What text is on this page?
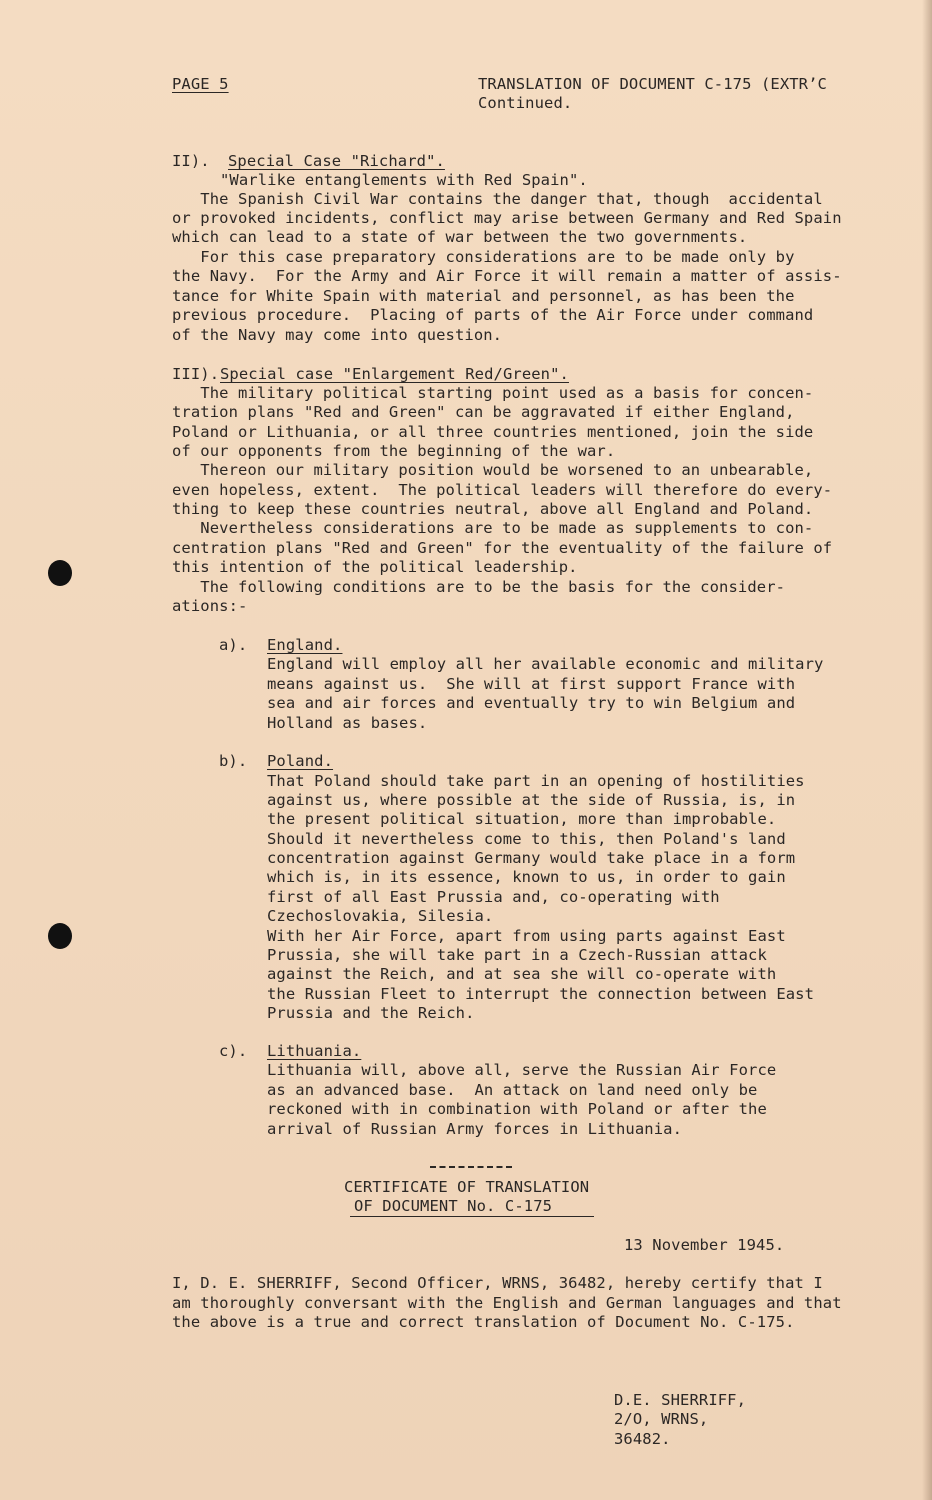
PAGE 5	TRANSLATION OF DOCUMENT C-175 (EXTR’C
Continued.
II). Special Case "Richard".
"Warlike entanglements with Red Spain".
The Spanish Civil War contains the danger that, though  accidental
or provoked incidents, conflict may arise between Germany and Red Spain
which can lead to a state of war between the two governments.
For this case preparatory considerations are to be made only by
the Navy.  For the Army and Air Force it will remain a matter of assis-
tance for White Spain with material and personnel, as has been the
previous procedure.  Placing of parts of the Air Force under command
of the Navy may come into question.
III). Special case "Enlargement Red/Green".
The military political starting point used as a basis for concen-
tration plans "Red and Green" can be aggravated if either England,
Poland or Lithuania, or all three countries mentioned, join the side
of our opponents from the beginning of the war.
Thereon our military position would be worsened to an unbearable,
even hopeless, extent.  The political leaders will therefore do every-
thing to keep these countries neutral, above all England and Poland.
Nevertheless considerations are to be made as supplements to con-
centration plans "Red and Green" for the eventuality of the failure of
this intention of the political leadership.
The following conditions are to be the basis for the consider-
ations:-
a). England.
England will employ all her available economic and military
means against us.  She will at first support France with
sea and air forces and eventually try to win Belgium and
Holland as bases.
b). Poland.
That Poland should take part in an opening of hostilities
against us, where possible at the side of Russia, is, in
the present political situation, more than improbable.
Should it nevertheless come to this, then Poland's land
concentration against Germany would take place in a form
which is, in its essence, known to us, in order to gain
first of all East Prussia and, co-operating with
Czechoslovakia, Silesia.
With her Air Force, apart from using parts against East
Prussia, she will take part in a Czech-Russian attack
against the Reich, and at sea she will co-operate with
the Russian Fleet to interrupt the connection between East
Prussia and the Reich.
c). Lithuania.
Lithuania will, above all, serve the Russian Air Force
as an advanced base.  An attack on land need only be
reckoned with in combination with Poland or after the
arrival of Russian Army forces in Lithuania.
CERTIFICATE OF TRANSLATION
OF DOCUMENT No. C-175
13 November 1945.
I, D. E. SHERRIFF, Second Officer, WRNS, 36482, hereby certify that I
am thoroughly conversant with the English and German languages and that
the above is a true and correct translation of Document No. C-175.
D.E. SHERRIFF,
2/O, WRNS,
36482.
